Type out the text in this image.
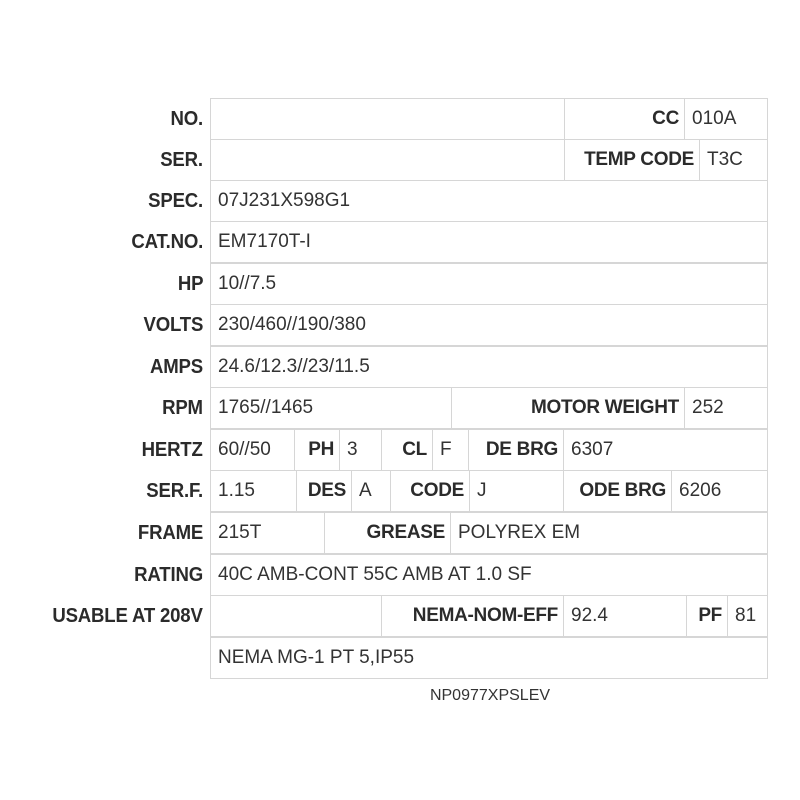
NO.	CC 010A
SER.	TEMP CODE T3C
SPEC. 07J231X598G1
CAT.NO. EM7170T-I
HP 10//7.5
VOLTS 230/460//190/380
AMPS 24.6/12.3//23/11.5
RPM 1765//1465	MOTOR WEIGHT 252
HERTZ 60//50	PH 3	CL F	DE BRG 6307
SER.F. 1.15	DES A	CODE J	ODE BRG 6206
FRAME 215T	GREASE POLYREX EM
RATING 40C AMB-CONT 55C AMB AT 1.0 SF
USABLE AT 208V	NEMA-NOM-EFF 92.4	PF 81
NEMA MG-1 PT 5,IP55
NP0977XPSLEV
